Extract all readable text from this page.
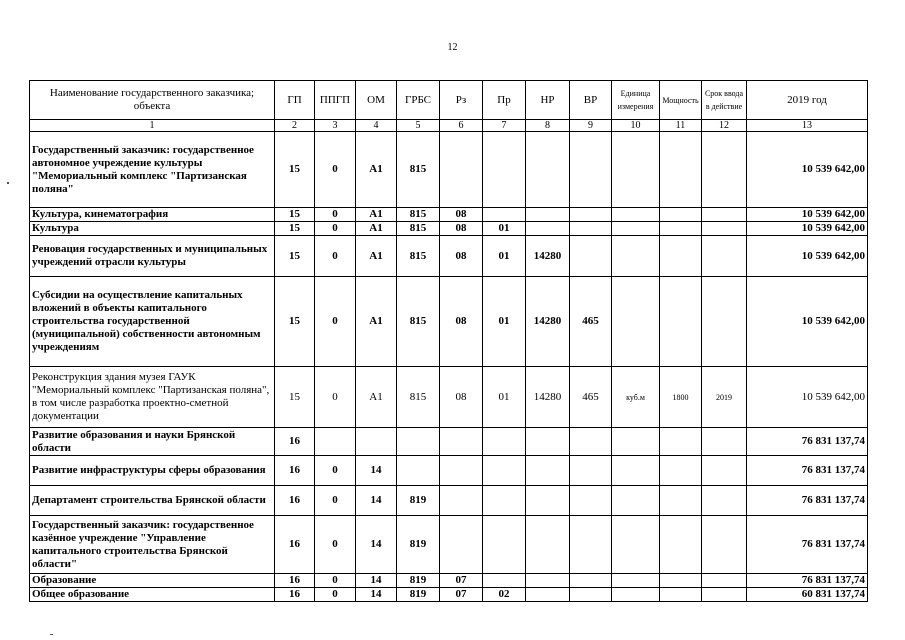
12
Наименование государственного заказчика; объекта	ГП	ППГП	ОМ	ГРБС	Рз	Пр	НР	ВР	Единица измерения	Мощность	Срок ввода в действие	2019 год
1	2	3	4	5	6	7	8	9	10	11	12	13
Государственный заказчик: государственное автономное учреждение культуры "Мемориальный комплекс "Партизанская поляна"	15	0	А1	815								10 539 642,00
Культура, кинематография	15	0	А1	815	08							10 539 642,00
Культура	15	0	А1	815	08	01						10 539 642,00
Реновация государственных и муниципальных учреждений отрасли культуры	15	0	А1	815	08	01	14280					10 539 642,00
Субсидии на осуществление капитальных вложений в объекты капитального строительства государственной (муниципальной) собственности автономным учреждениям	15	0	А1	815	08	01	14280	465				10 539 642,00
Реконструкция здания музея ГАУК "Мемориальный комплекс "Партизанская поляна", в том числе разработка проектно-сметной документации	15	0	А1	815	08	01	14280	465	куб.м	1800	2019	10 539 642,00
Развитие образования и науки Брянской области	16											76 831 137,74
Развитие инфраструктуры сферы образования	16	0	14									76 831 137,74
Департамент строительства Брянской области	16	0	14	819								76 831 137,74
Государственный заказчик: государственное казённое учреждение "Управление капитального строительства Брянской области"	16	0	14	819								76 831 137,74
Образование	16	0	14	819	07							76 831 137,74
Общее образование	16	0	14	819	07	02						60 831 137,74
